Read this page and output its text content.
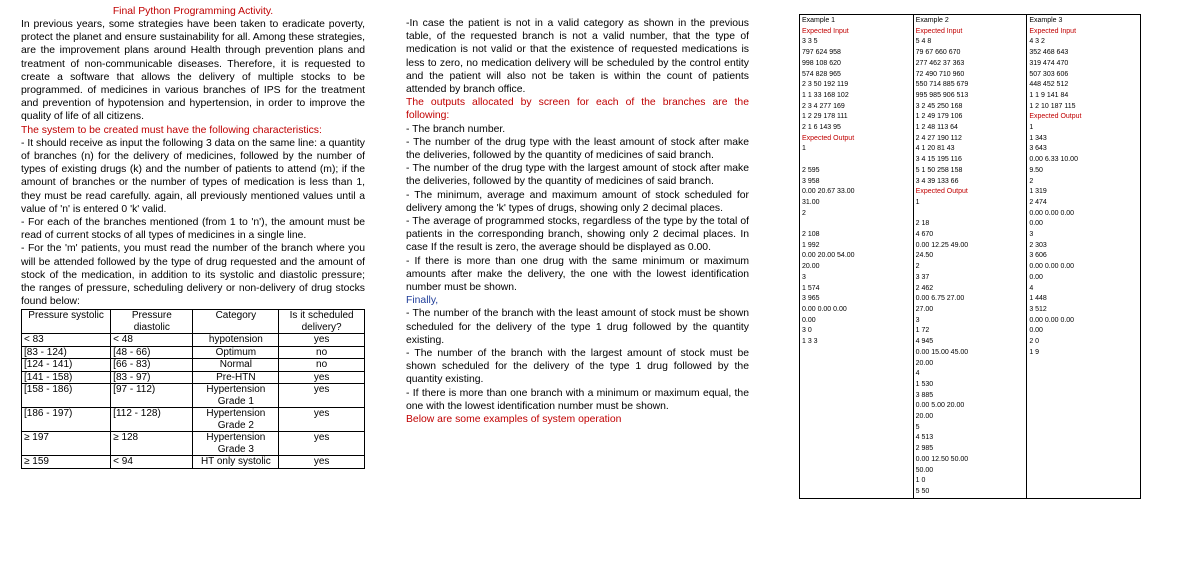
Final Python Programming Activity.

In previous years, some strategies have been taken to eradicate poverty, protect the planet and ensure sustainability for all. Among these strategies, are the improvement plans around Health through prevention plans and treatment of non-communicable diseases. Therefore, it is requested to create a software that allows the delivery of multiple stocks to be programmed. of medicines in various branches of IPS for the treatment and prevention of hypotension and hypertension, in order to improve the quality of life of all citizens.

The system to be created must have the following characteristics:

- It should receive as input the following 3 data on the same line: a quantity of branches (n) for the delivery of medicines, followed by the number of types of existing drugs (k) and the number of patients to attend (m); if the amount of branches or the number of types of medication is less than 1, they must be read carefully. again, all previously mentioned values until a value of 'n' is entered 0 'k' valid.

- For each of the branches mentioned (from 1 to 'n'), the amount must be read of current stocks of all types of medicines in a single line.

- For the 'm' patients, you must read the number of the branch where you will be attended followed by the type of drug requested and the amount of stock of the medication, in addition to its systolic and diastolic pressure; the ranges of pressure, scheduling delivery or non-delivery of drug stocks found below:

Pressure systolic	Pressure diastolic	Category	Is it scheduled delivery?
< 83	< 48	hypotension	yes
[83 - 124)	[48 - 66)	Optimum	no
[124 - 141)	[66 - 83)	Normal	no
[141 - 158)	[83 - 97)	Pre-HTN	yes
[158 - 186)	[97 - 112)	Hypertension Grade 1	yes
[186 - 197)	[112 - 128)	Hypertension Grade 2	yes
≥ 197	≥ 128	Hypertension Grade 3	yes
≥ 159	< 94	HT only systolic	yes

-In case the patient is not in a valid category as shown in the previous table, of the requested branch is not a valid number, that the type of medication is not valid or that the existence of requested medications is less to zero, no medication delivery will be scheduled by the control entity and the patient will also not be taken is within the count of patients attended by branch office.

The outputs allocated by screen for each of the branches are the following:

- The branch number.

- The number of the drug type with the least amount of stock after make the deliveries, followed by the quantity of medicines of said branch.

- The number of the drug type with the largest amount of stock after make the deliveries, followed by the quantity of medicines of said branch.

- The minimum, average and maximum amount of stock scheduled for delivery among the 'k' types of drugs, showing only 2 decimal places.

- The average of programmed stocks, regardless of the type by the total of patients in the corresponding branch, showing only 2 decimal places. In case If the result is zero, the average should be displayed as 0.00.

- If there is more than one drug with the same minimum or maximum amounts after make the delivery, the one with the lowest identification number must be shown.

Finally,

- The number of the branch with the least amount of stock must be shown scheduled for the delivery of the type 1 drug followed by the quantity existing.

- The number of the branch with the largest amount of stock must be shown scheduled for the delivery of the type 1 drug followed by the quantity existing.

- If there is more than one branch with a minimum or maximum equal, the one with the lowest identification number must be shown.

Below are some examples of system operation

Example 1
Expected Input
3 3 5
797 624 958
998 108 620
574 828 965
2 3 50 192 119
1 1 33 168 102
2 3 4 277 169
1 2 29 178 111
2 1 6 143 95
Expected Output
1

2 595
3 958
0.00 20.67 33.00
31.00
2

2 108
1 992
0.00 20.00 54.00
20.00
3
1 574
3 965
0.00 0.00 0.00
0.00
3 0
1 3 3

Example 2
Expected Input
5 4 8
79 67 660 670
277 462 37 363
72 490 710 960
550 714 885 679
995 985 906 513
3 2 45 250 168
1 2 49 179 106
1 2 48 113 64
2 4 27 190 112
4 1 20 81 43
3 4 15 195 116
5 1 50 258 158
3 4 39 133 66
Expected Output
1

2 18
4 670
0.00 12.25 49.00
24.50
2
3 37
2 462
0.00 6.75 27.00
27.00
3
1 72
4 945
0.00 15.00 45.00
20.00
4
1 530
3 885
0.00 5.00 20.00
20.00
5
4 513
2 985
0.00 12.50 50.00
50.00
1 0
5 50

Example 3
Expected Input
4 3 2
352 468 643
319 474 470
507 303 606
448 452 512
1 1 9 141 84
1 2 10 187 115
Expected Output
1
1 343
3 643
0.00 6.33 10.00
9.50
2
1 319
2 474
0.00 0.00 0.00
0.00
3
2 303
3 606
0.00 0.00 0.00
0.00
4
1 448
3 512
0.00 0.00 0.00
0.00
2 0
1 9
